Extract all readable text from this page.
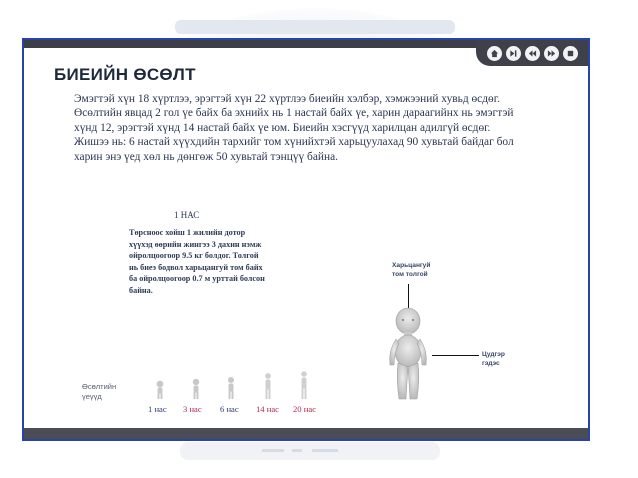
БИЕИЙН ӨСӨЛТ
Эмэгтэй хүн 18 хүртлээ, эрэгтэй хүн 22 хүртлээ биеийн хэлбэр, хэмжээний хувьд өсдөг. Өсөлтийн явцад 2 гол үе байх ба эхнийх нь 1 настай байх үе, харин дараагийнх нь эмэгтэй хүнд 12, эрэгтэй хүнд 14 настай байх үе юм. Биеийн хэсгүүд харилцан адилгүй өсдөг. Жишээ нь: 6 настай хүүхдийн тархийг том хүнийхтэй харьцуулахад 90 хувьтай байдаг бол харин энэ үед хөл нь дөнгөж 50 хувьтай тэнцүү байна.
1 НАС
Төрсноос хойш 1 жилийн дотор хүүхэд өөрийн жингээ 3 дахин нэмж ойролцоогоор 9.5 кг болдог. Толгой нь биеэ бодвол харьцангуй том байх ба ойролцоогоор 0.7 м урттай болсон байна.
Харьцангуй
том толгой
Цудгэр
гэдэс
Өсөлтийн
үеүүд
1 нас 3 нас 6 нас 14 нас 20 нас
